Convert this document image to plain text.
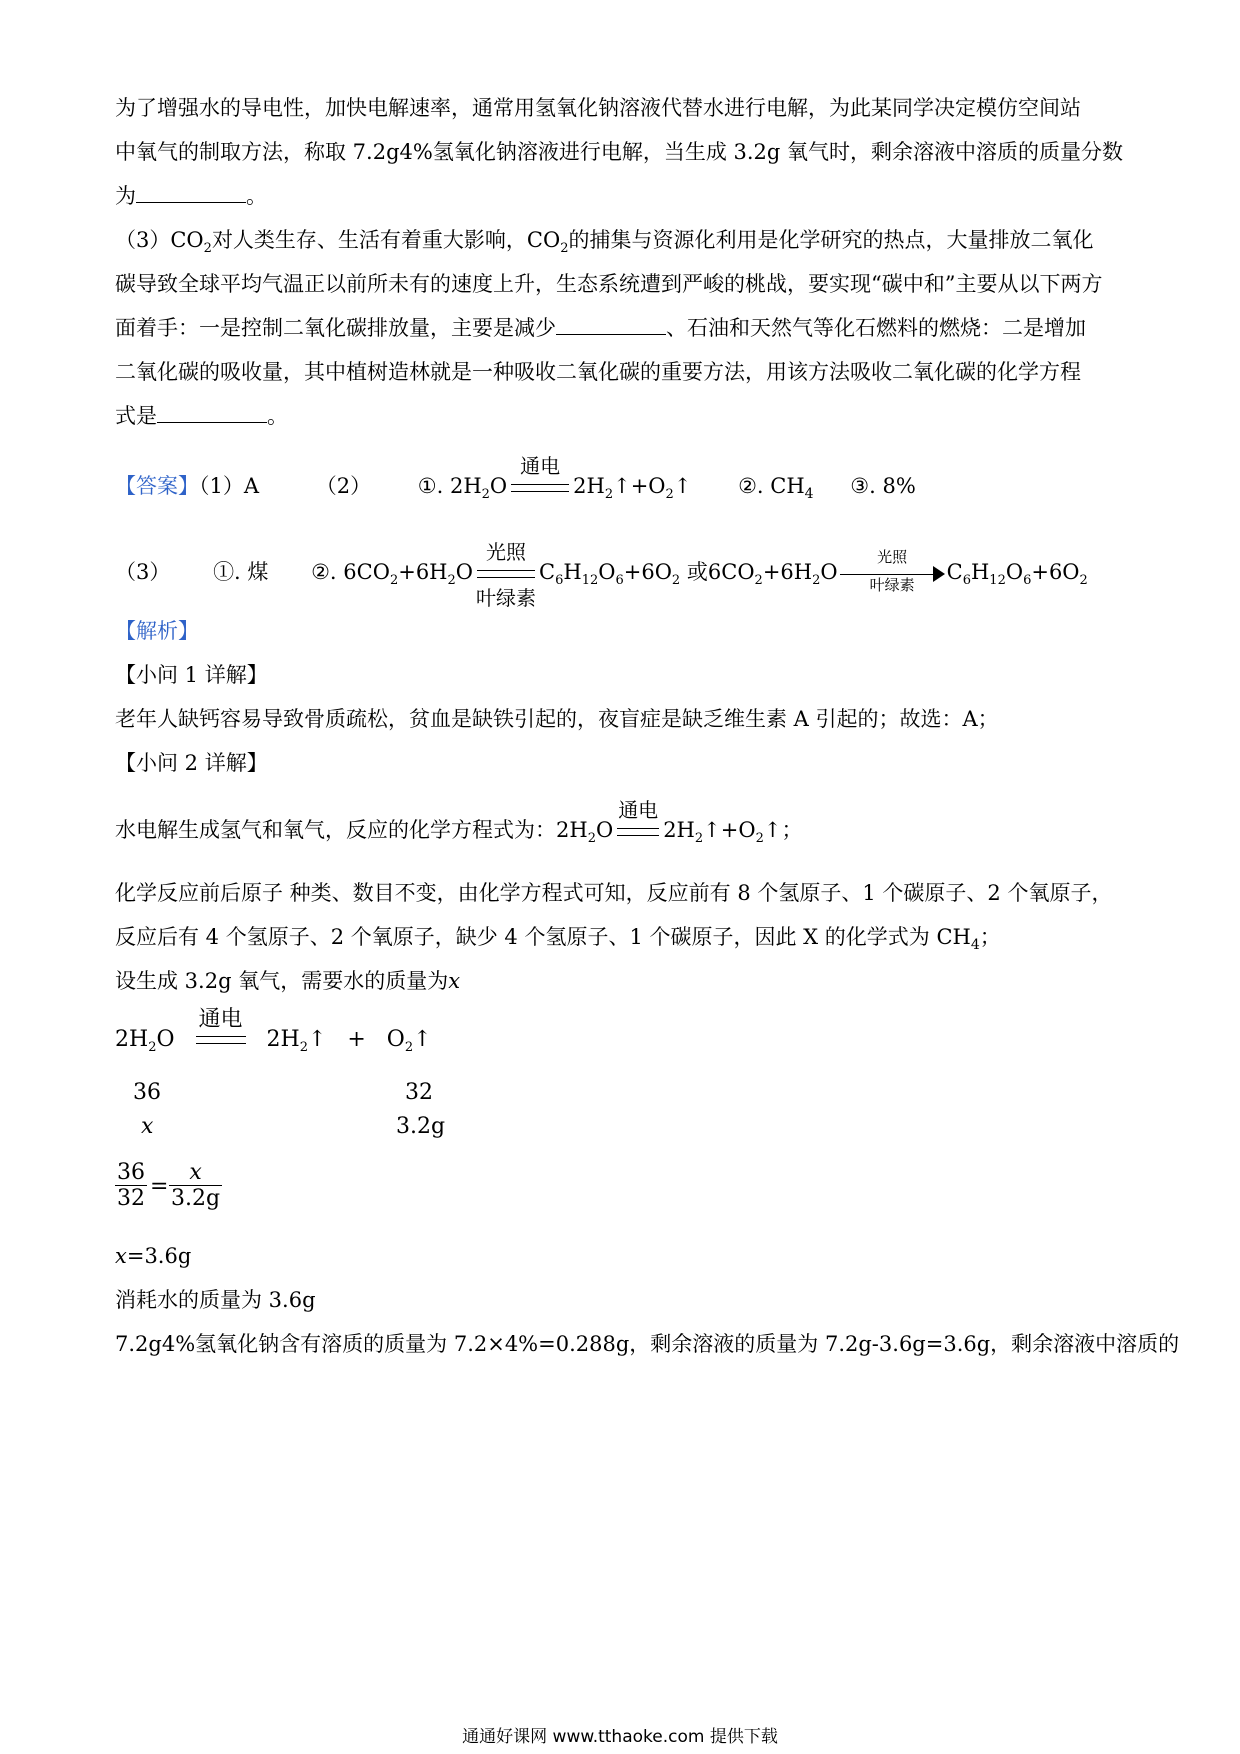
为了增强水的导电性，加快电解速率，通常用氢氧化钠溶液代替水进行电解，为此某同学决定模仿空间站
中氧气的制取方法，称取 7.2g4%氢氧化钠溶液进行电解，当生成 3.2g 氧气时，剩余溶液中溶质的质量分数
为	。
$(3)CO_2$对人类生存、生活有着重大影响，$CO_2$的捕集与资源化利用是化学研究的热点，大量排放二氧化
碳导致全球平均气温正以前所未有的速度上升，生态系统遭到严峻的桃战，要实现“碳中和”主要从以下两方
面着手：一是控制二氧化碳排放量，主要是减少	、石油和天然气等化石燃料的燃烧：二是增加
二氧化碳的吸收量，其中植树造林就是一种吸收二氧化碳的重要方法，用该方法吸收二氧化碳的化学方程
式是	。
【答案】（1）A	（2） ①. $2H_2O$
通电
$2H_2↑+O_2↑$ ②. $CH_4$ ③. 8%
（3） ①. 煤 ②. $6CO_2+6H_2O$
光照
叶绿素
$C_6H_{12}O_6+6O_2$ 或$6CO_2+6H_2O$
光照
叶绿素
$C_6H_{12}O_6+6O_2$
【解析】
【小问 1 详解】
老年人缺钙容易导致骨质疏松，贫血是缺铁引起的，夜盲症是缺乏维生素 A 引起的；故选：A；
【小问 2 详解】
水电解生成氢气和氧气，反应的化学方程式为：$2H_2O$
通电
$2H_2↑+O_2↑$；
化学反应前后原子 种类、数目不变，由化学方程式可知，反应前有 8 个氢原子、1 个碳原子、2 个氧原子，
反应后有 4 个氢原子、2 个氧原子，缺少 4 个氢原子、1 个碳原子，因此 X 的化学式为 $CH_4$；
设生成 3.2g 氧气，需要水的质量为x
$2H_2O$
通电
$2H_2↑$   +   $O_2↑$
36	32
x	3.2g
$\frac{36}{32} = \frac{x}{3.2g}$
x=3.6g
消耗水的质量为 3.6g
7.2g4%氢氧化钠含有溶质的质量为 7.2×4%=0.288g，剩余溶液的质量为 7.2g-3.6g=3.6g，剩余溶液中溶质的
通通好课网 www.tthaoke.com 提供下载
